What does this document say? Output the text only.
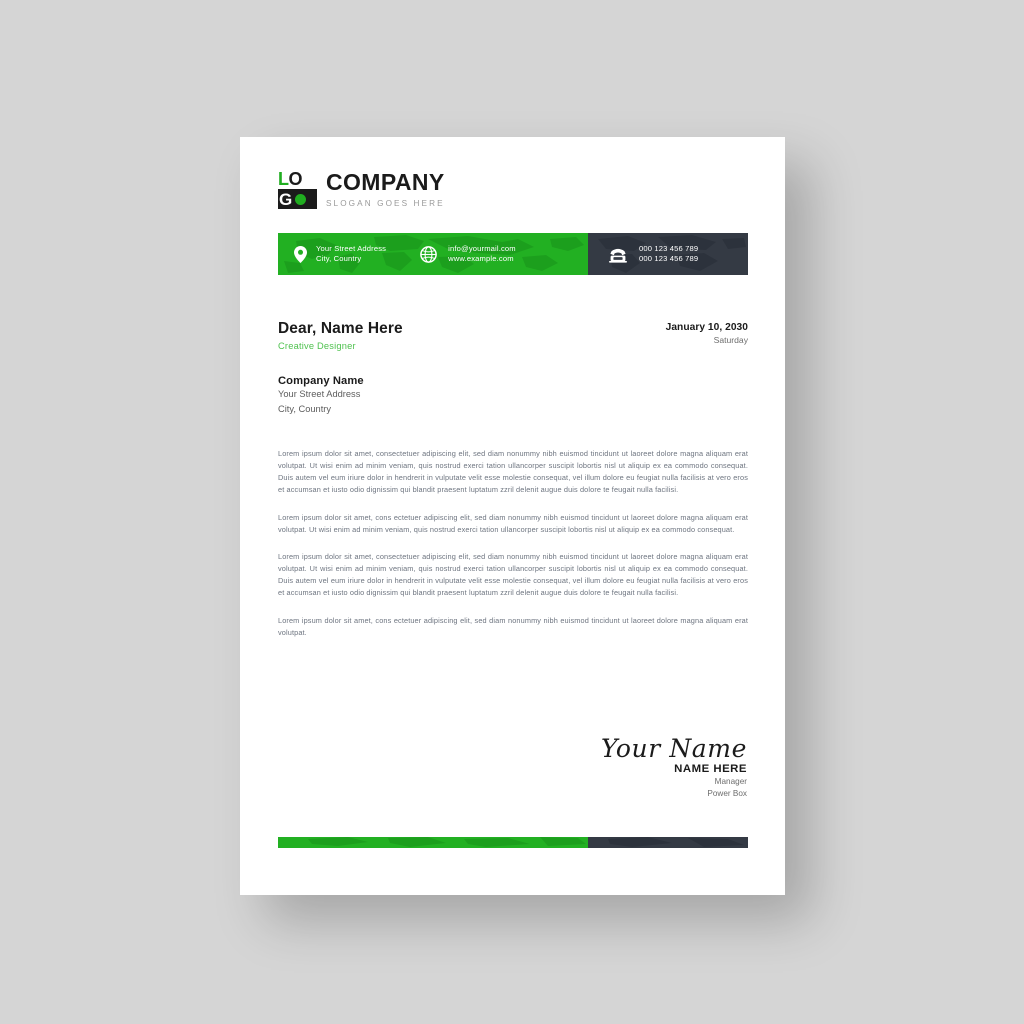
L O
G
COMPANY
SLOGAN GOES HERE
Your Street Address
City, Country
info@yourmail.com
www.example.com
000 123 456 789
000 123 456 789
Dear, Name Here
Creative Designer
January 10, 2030
Saturday
Company Name
Your Street Address
City, Country

Lorem ipsum dolor sit amet, consectetuer adipiscing elit, sed diam nonummy nibh euismod tincidunt ut laoreet dolore magna aliquam erat volutpat. Ut wisi enim ad minim veniam, quis nostrud exerci tation ullancorper suscipit lobortis nisl ut aliquip ex ea commodo consequat. Duis autem vel eum iriure dolor in hendrerit in vulputate velit esse molestie consequat, vel illum dolore eu feugiat nulla facilisis at vero eros et accumsan et iusto odio dignissim qui blandit praesent luptatum zzril delenit augue duis dolore te feugait nulla facilisi.

Lorem ipsum dolor sit amet, cons ectetuer adipiscing elit, sed diam nonummy nibh euismod tincidunt ut laoreet dolore magna aliquam erat volutpat. Ut wisi enim ad minim veniam, quis nostrud exerci tation ullancorper suscipit lobortis nisl ut aliquip ex ea commodo consequat.

Lorem ipsum dolor sit amet, consectetuer adipiscing elit, sed diam nonummy nibh euismod tincidunt ut laoreet dolore magna aliquam erat volutpat. Ut wisi enim ad minim veniam, quis nostrud exerci tation ullancorper suscipit lobortis nisl ut aliquip ex ea commodo consequat. Duis autem vel eum iriure dolor in hendrerit in vulputate velit esse molestie consequat, vel illum dolore eu feugiat nulla facilisis at vero eros et accumsan et iusto odio dignissim qui blandit praesent luptatum zzril delenit augue duis dolore te feugait nulla facilisi.

Lorem ipsum dolor sit amet, cons ectetuer adipiscing elit, sed diam nonummy nibh euismod tincidunt ut laoreet dolore magna aliquam erat volutpat.

Your Name
NAME HERE
Manager
Power Box
